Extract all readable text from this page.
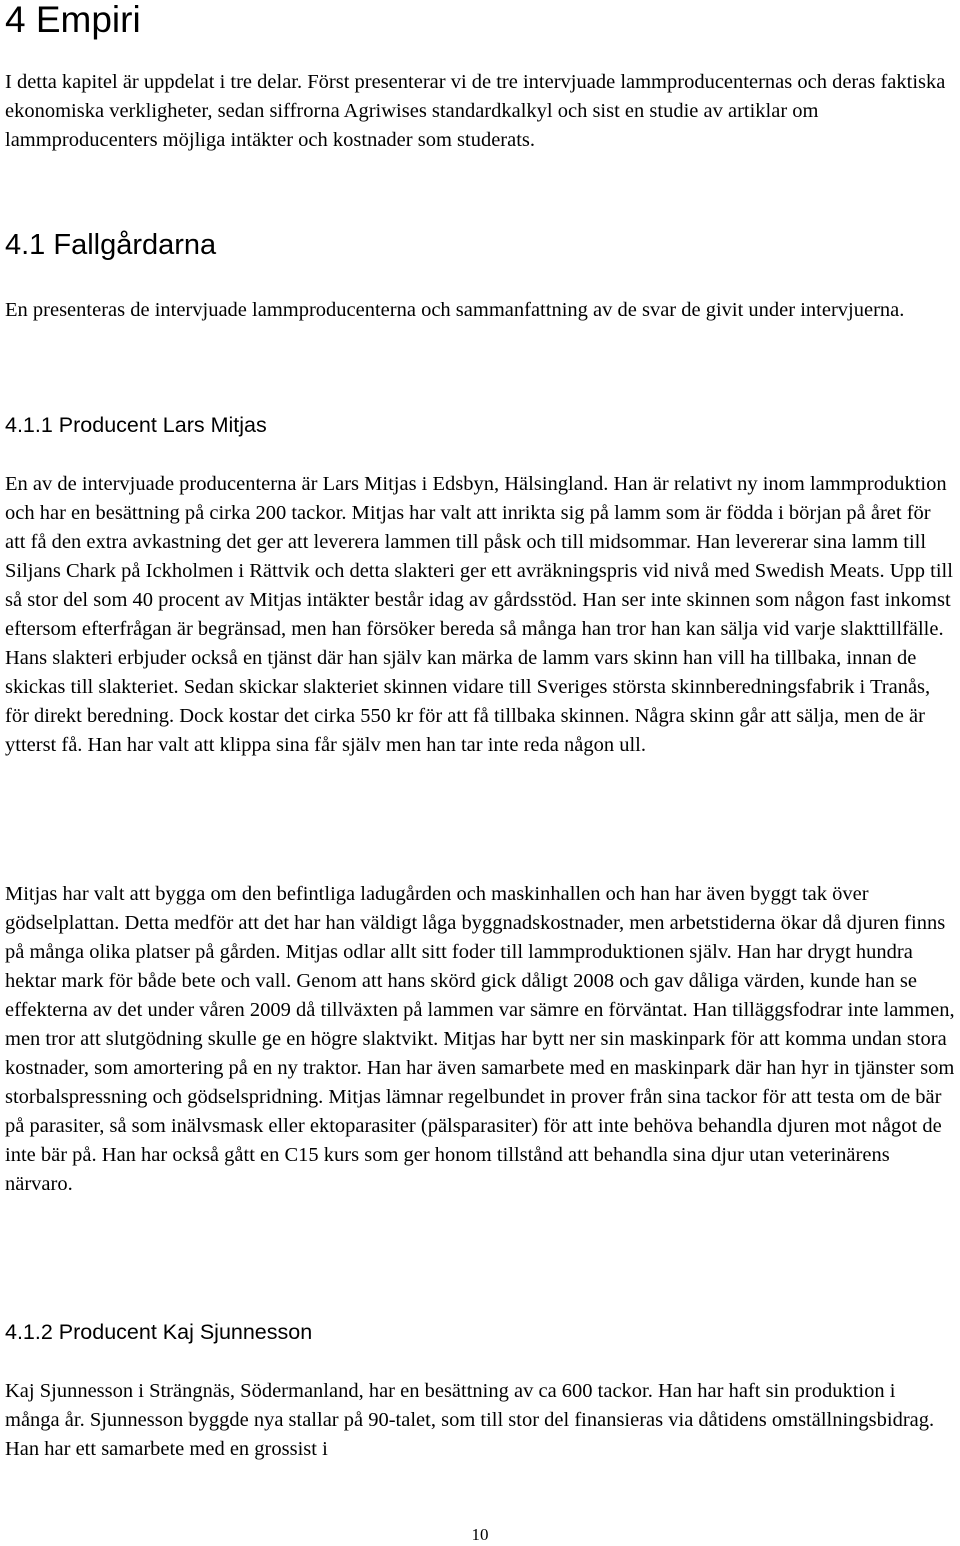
4 Empiri

I detta kapitel är uppdelat i tre delar. Först presenterar vi de tre intervjuade lammproducenternas och deras faktiska ekonomiska verkligheter, sedan siffrorna Agriwises standardkalkyl och sist en studie av artiklar om lammproducenters möjliga intäkter och kostnader som studerats.

4.1 Fallgårdarna

En presenteras de intervjuade lammproducenterna och sammanfattning av de svar de givit under intervjuerna.

4.1.1 Producent Lars Mitjas

En av de intervjuade producenterna är Lars Mitjas i Edsbyn, Hälsingland. Han är relativt ny inom lammproduktion och har en besättning på cirka 200 tackor. Mitjas har valt att inrikta sig på lamm som är födda i början på året för att få den extra avkastning det ger att leverera lammen till påsk och till midsommar. Han levererar sina lamm till Siljans Chark på Ickholmen i Rättvik och detta slakteri ger ett avräkningspris vid nivå med Swedish Meats. Upp till så stor del som 40 procent av Mitjas intäkter består idag av gårdsstöd. Han ser inte skinnen som någon fast inkomst eftersom efterfrågan är begränsad, men han försöker bereda så många han tror han kan sälja vid varje slakttillfälle. Hans slakteri erbjuder också en tjänst där han själv kan märka de lamm vars skinn han vill ha tillbaka, innan de skickas till slakteriet. Sedan skickar slakteriet skinnen vidare till Sveriges största skinnberedningsfabrik i Tranås, för direkt beredning. Dock kostar det cirka 550 kr för att få tillbaka skinnen. Några skinn går att sälja, men de är ytterst få. Han har valt att klippa sina får själv men han tar inte reda någon ull.

Mitjas har valt att bygga om den befintliga ladugården och maskinhallen och han har även byggt tak över gödselplattan. Detta medför att det har han väldigt låga byggnadskostnader, men arbetstiderna ökar då djuren finns på många olika platser på gården. Mitjas odlar allt sitt foder till lammproduktionen själv. Han har drygt hundra hektar mark för både bete och vall. Genom att hans skörd gick dåligt 2008 och gav dåliga värden, kunde han se effekterna av det under våren 2009 då tillväxten på lammen var sämre en förväntat. Han tilläggsfodrar inte lammen, men tror att slutgödning skulle ge en högre slaktvikt. Mitjas har bytt ner sin maskinpark för att komma undan stora kostnader, som amortering på en ny traktor. Han har även samarbete med en maskinpark där han hyr in tjänster som storbalspressning och gödselspridning. Mitjas lämnar regelbundet in prover från sina tackor för att testa om de bär på parasiter, så som inälvsmask eller ektoparasiter (pälsparasiter) för att inte behöva behandla djuren mot något de inte bär på. Han har också gått en C15 kurs som ger honom tillstånd att behandla sina djur utan veterinärens närvaro.

4.1.2 Producent Kaj Sjunnesson

Kaj Sjunnesson i Strängnäs, Södermanland, har en besättning av ca 600 tackor. Han har haft sin produktion i många år. Sjunnesson byggde nya stallar på 90-talet, som till stor del finansieras via dåtidens omställningsbidrag. Han har ett samarbete med en grossist i

10
